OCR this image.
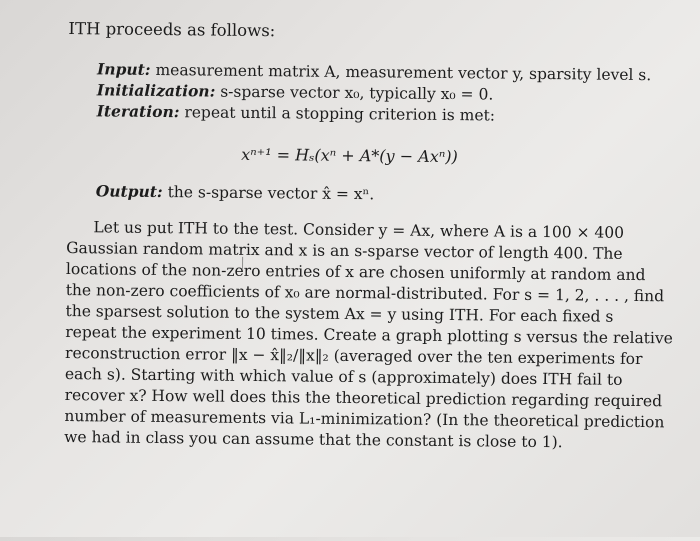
ITH proceeds as follows:
Input: measurement matrix A, measurement vector y, sparsity level s.
Initialization: s-sparse vector x₀, typically x₀ = 0.
Iteration: repeat until a stopping criterion is met:
xⁿ⁺¹ = Hₛ(xⁿ + A*(y − Axⁿ))
Output: the s-sparse vector x̂ = xⁿ.
Let us put ITH to the test. Consider y = Ax, where A is a 100 × 400
Gaussian random matrix and x is an s-sparse vector of length 400. The
locations of the non-zero entries of x are chosen uniformly at random and
the non-zero coefficients of x₀ are normal-distributed. For s = 1, 2, . . . , find
the sparsest solution to the system Ax = y using ITH. For each fixed s
repeat the experiment 10 times. Create a graph plotting s versus the relative
reconstruction error ‖x − x̂‖₂/‖x‖₂ (averaged over the ten experiments for
each s). Starting with which value of s (approximately) does ITH fail to
recover x? How well does this the theoretical prediction regarding required
number of measurements via L₁-minimization? (In the theoretical prediction
we had in class you can assume that the constant is close to 1).
